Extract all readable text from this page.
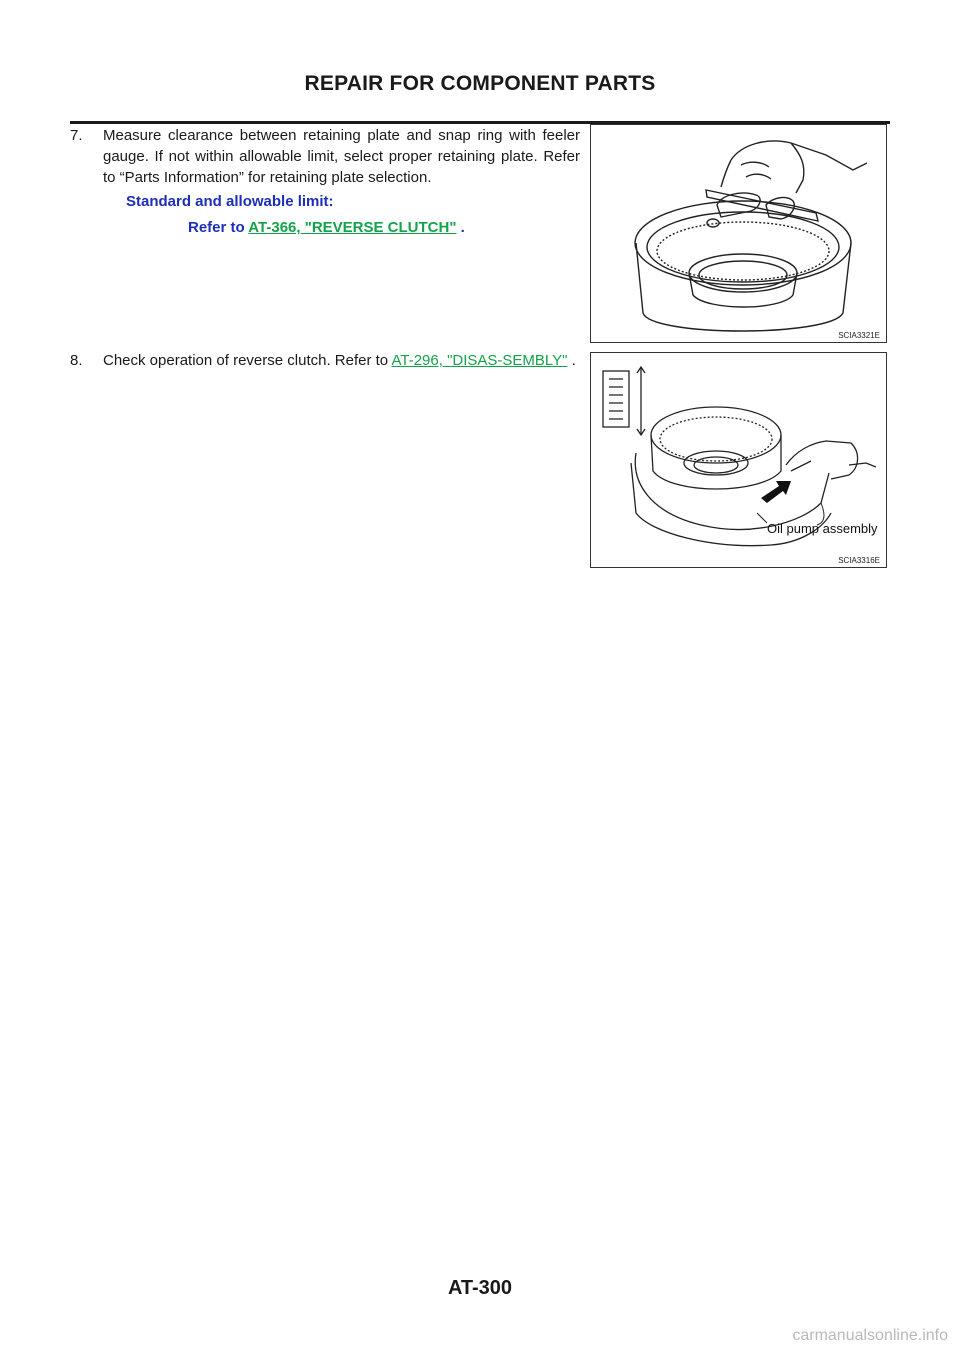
REPAIR FOR COMPONENT PARTS
7.	Measure clearance between retaining plate and snap ring with feeler gauge. If not within allowable limit, select proper retaining plate. Refer to “Parts Information” for retaining plate selection.
Standard and allowable limit:
Refer to AT-366, "REVERSE CLUTCH" .
8.	Check operation of reverse clutch. Refer to AT-296, "DISAS-SEMBLY" .
SCIA3321E
Oil pump assembly
SCIA3316E
AT-300
carmanualsonline.info
